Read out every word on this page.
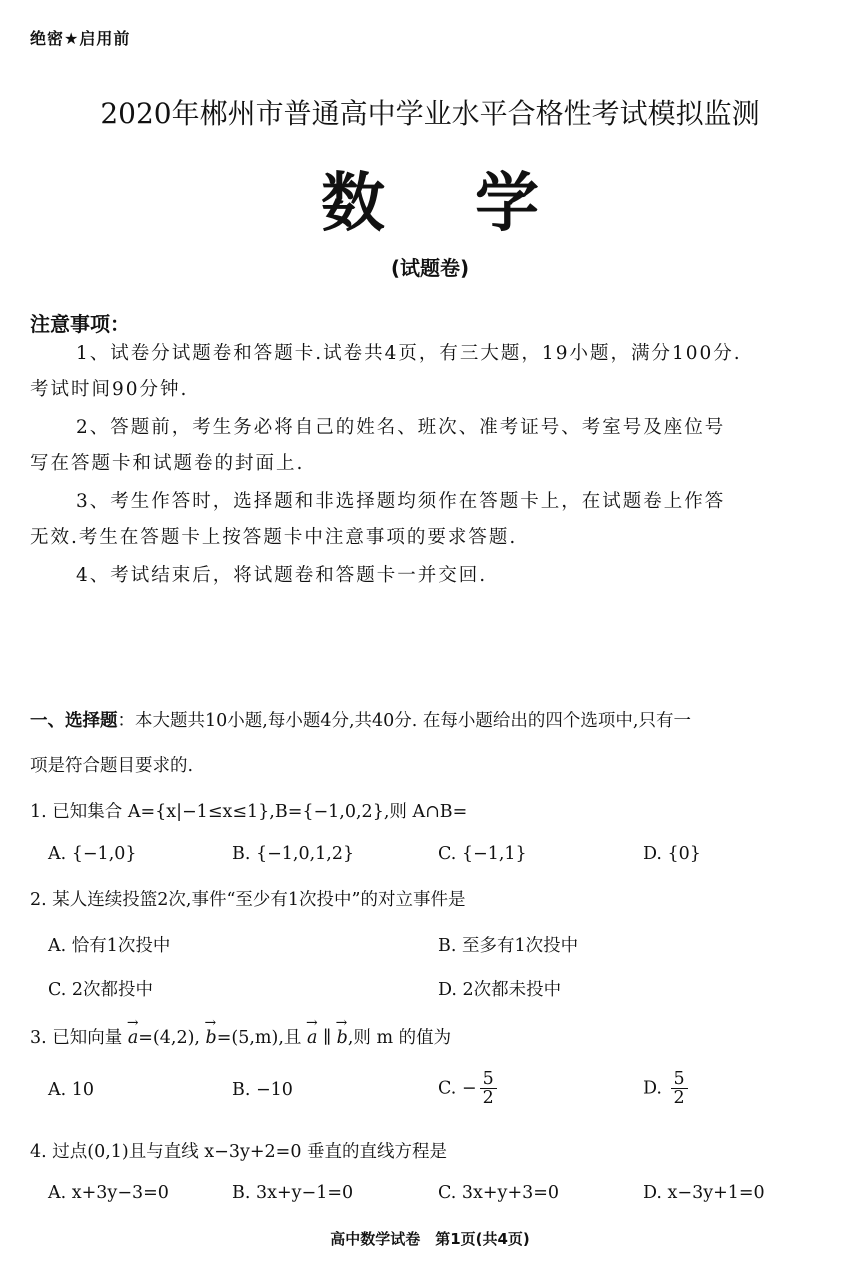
绝密★启用前
2020年郴州市普通高中学业水平合格性考试模拟监测
数学
(试题卷)
注意事项：
1、试卷分试题卷和答题卡.试卷共4页，有三大题，19小题，满分100分.
考试时间90分钟.
2、答题前，考生务必将自己的姓名、班次、准考证号、考室号及座位号
写在答题卡和试题卷的封面上.
3、考生作答时，选择题和非选择题均须作在答题卡上，在试题卷上作答
无效.考生在答题卡上按答题卡中注意事项的要求答题.
4、考试结束后，将试题卷和答题卡一并交回.
一、选择题：本大题共10小题,每小题4分,共40分. 在每小题给出的四个选项中,只有一
项是符合题目要求的.
1. 已知集合 A={x|−1≤x≤1},B={−1,0,2},则 A∩B=
A. {−1,0}	B. {−1,0,1,2}	C. {−1,1}	D. {0}
2. 某人连续投篮2次,事件“至少有1次投中”的对立事件是
A. 恰有1次投中	B. 至多有1次投中
C. 2次都投中	D. 2次都未投中
3. 已知向量 → a=(4,2), → b=(5,m),且 → a ∥ → b,则 m 的值为
A. 10	B. −10	C. − $\frac{5}{2}$	D. $\frac{5}{2}$
4. 过点(0,1)且与直线 x−3y+2=0 垂直的直线方程是
A. x+3y−3=0	B. 3x+y−1=0	C. 3x+y+3=0	D. x−3y+1=0
高中数学试卷　第1页(共4页)
